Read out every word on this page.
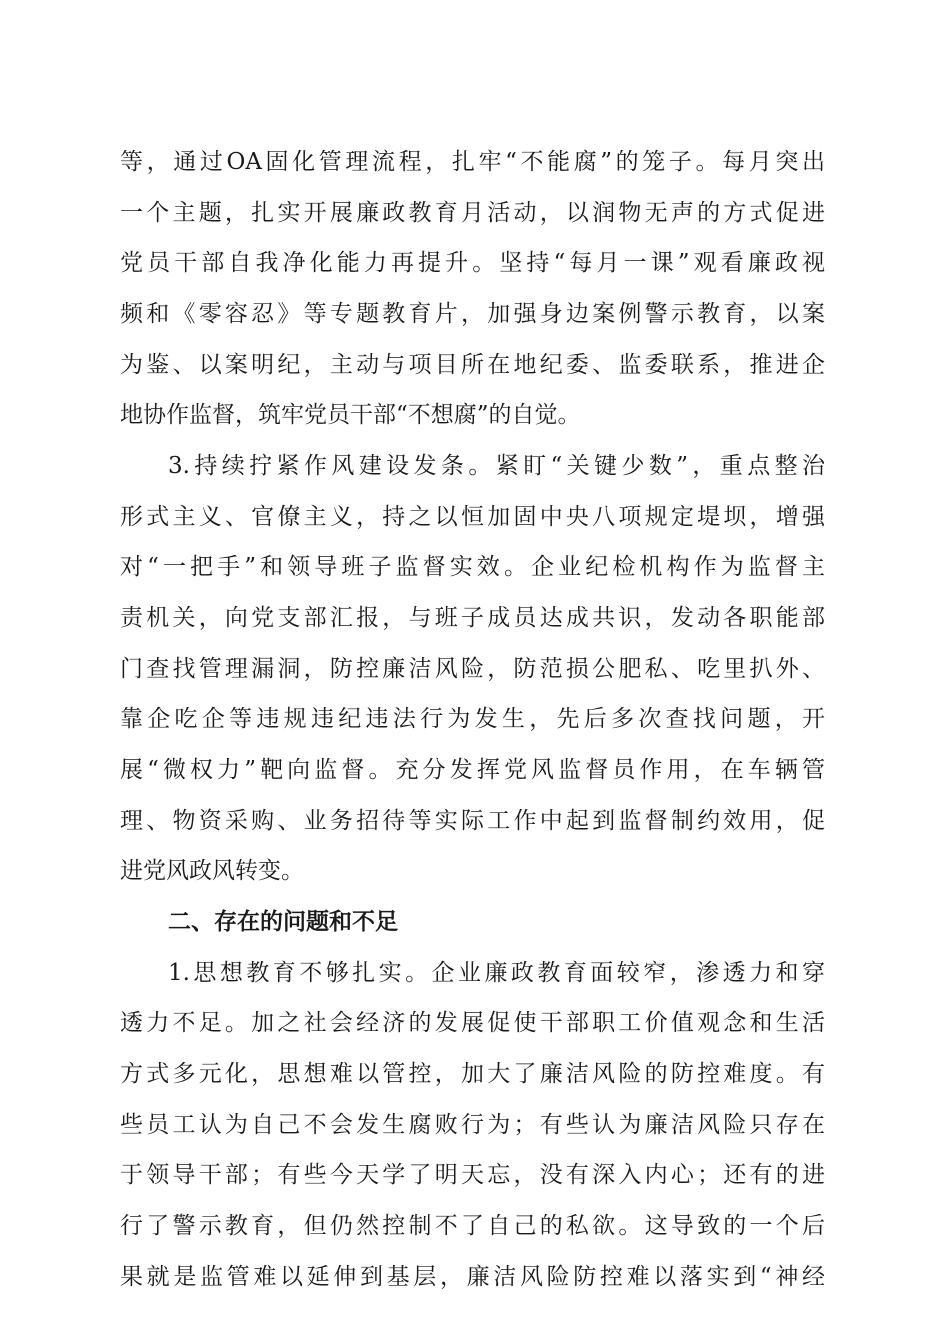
等，通过OA固化管理流程，扎牢“不能腐”的笼子。每月突出
一个主题，扎实开展廉政教育月活动，以润物无声的方式促进
党员干部自我净化能力再提升。坚持“每月一课”观看廉政视
频和《零容忍》等专题教育片，加强身边案例警示教育，以案
为鉴、以案明纪，主动与项目所在地纪委、监委联系，推进企
地协作监督，筑牢党员干部“不想腐”的自觉。
3.持续拧紧作风建设发条。紧盯“关键少数”，重点整治
形式主义、官僚主义，持之以恒加固中央八项规定堤坝，增强
对“一把手”和领导班子监督实效。企业纪检机构作为监督主
责机关，向党支部汇报，与班子成员达成共识，发动各职能部
门查找管理漏洞，防控廉洁风险，防范损公肥私、吃里扒外、
靠企吃企等违规违纪违法行为发生，先后多次查找问题，开
展“微权力”靶向监督。充分发挥党风监督员作用，在车辆管
理、物资采购、业务招待等实际工作中起到监督制约效用，促
进党风政风转变。
二、存在的问题和不足
1.思想教育不够扎实。企业廉政教育面较窄，渗透力和穿
透力不足。加之社会经济的发展促使干部职工价值观念和生活
方式多元化，思想难以管控，加大了廉洁风险的防控难度。有
些员工认为自己不会发生腐败行为；有些认为廉洁风险只存在
于领导干部；有些今天学了明天忘，没有深入内心；还有的进
行了警示教育，但仍然控制不了自己的私欲。这导致的一个后
果就是监管难以延伸到基层，廉洁风险防控难以落实到“神经
